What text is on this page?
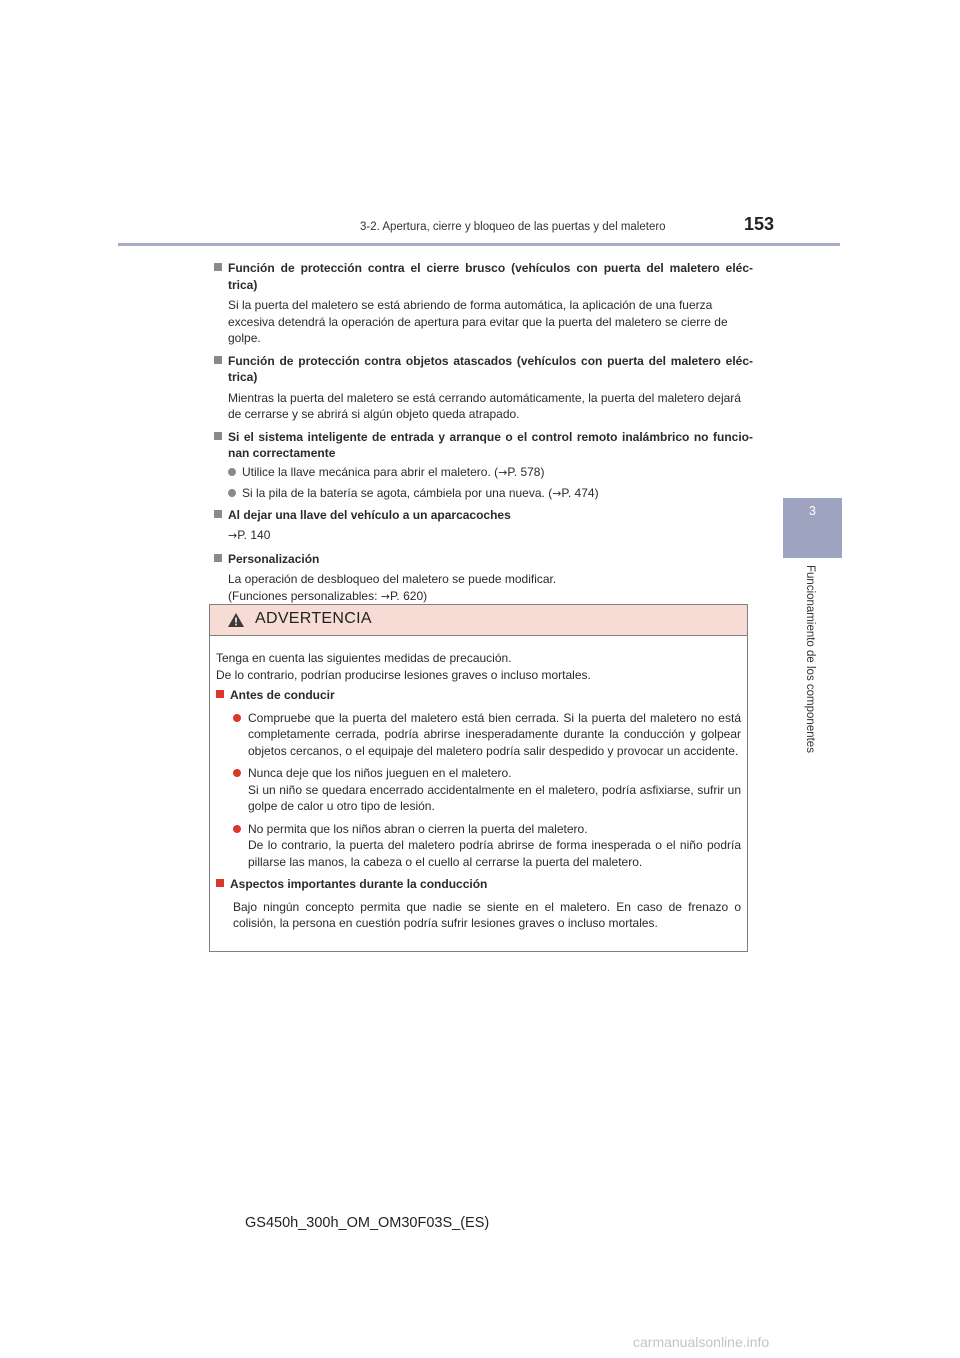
3-2. Apertura, cierre y bloqueo de las puertas y del maletero	153
3
Funcionamiento de los componentes
Función de protección contra el cierre brusco (vehículos con puerta del maletero eléc- trica)
Si la puerta del maletero se está abriendo de forma automática, la aplicación de una fuerza excesiva detendrá la operación de apertura para evitar que la puerta del maletero se cierre de golpe.
Función de protección contra objetos atascados (vehículos con puerta del maletero eléc- trica)
Mientras la puerta del maletero se está cerrando automáticamente, la puerta del maletero dejará de cerrarse y se abrirá si algún objeto queda atrapado.
Si el sistema inteligente de entrada y arranque o el control remoto inalámbrico no funcio- nan correctamente
Utilice la llave mecánica para abrir el maletero. (→P. 578)
Si la pila de la batería se agota, cámbiela por una nueva. (→P. 474)
Al dejar una llave del vehículo a un aparcacoches
→P. 140
Personalización
La operación de desbloqueo del maletero se puede modificar.
(Funciones personalizables: →P. 620)
ADVERTENCIA
Tenga en cuenta las siguientes medidas de precaución.
De lo contrario, podrían producirse lesiones graves o incluso mortales.
Antes de conducir
Compruebe que la puerta del maletero está bien cerrada. Si la puerta del maletero no está completamente cerrada, podría abrirse inesperadamente durante la conducción y golpear objetos cercanos, o el equipaje del maletero podría salir despedido y provocar un accidente.
Nunca deje que los niños jueguen en el maletero.
Si un niño se quedara encerrado accidentalmente en el maletero, podría asfixiarse, sufrir un golpe de calor u otro tipo de lesión.
No permita que los niños abran o cierren la puerta del maletero.
De lo contrario, la puerta del maletero podría abrirse de forma inesperada o el niño podría pillarse las manos, la cabeza o el cuello al cerrarse la puerta del maletero.
Aspectos importantes durante la conducción
Bajo ningún concepto permita que nadie se siente en el maletero. En caso de frenazo o colisión, la persona en cuestión podría sufrir lesiones graves o incluso mortales.
GS450h_300h_OM_OM30F03S_(ES)
carmanualsonline.info
